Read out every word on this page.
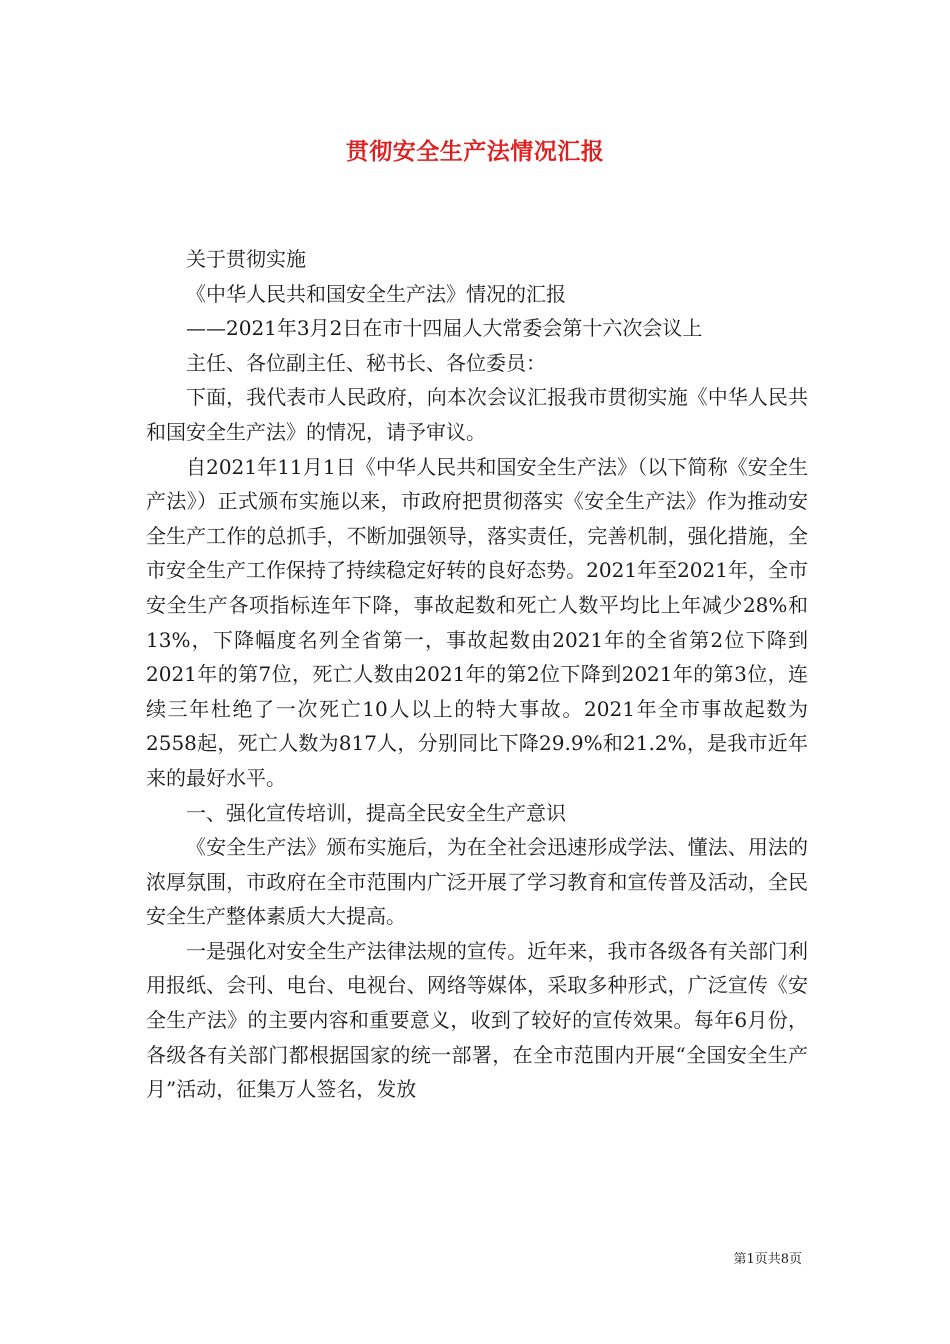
贯彻安全生产法情况汇报

关于贯彻实施

《中华人民共和国安全生产法》情况的汇报

——2021年3月2日在市十四届人大常委会第十六次会议上

主任、各位副主任、秘书长、各位委员：

下面，我代表市人民政府，向本次会议汇报我市贯彻实施《中华人民共和国安全生产法》的情况，请予审议。

自2021年11月1日《中华人民共和国安全生产法》（以下简称《安全生产法》）正式颁布实施以来，市政府把贯彻落实《安全生产法》作为推动安全生产工作的总抓手，不断加强领导，落实责任，完善机制，强化措施，全市安全生产工作保持了持续稳定好转的良好态势。2021年至2021年，全市安全生产各项指标连年下降，事故起数和死亡人数平均比上年减少28%和13%，下降幅度名列全省第一，事故起数由2021年的全省第2位下降到2021年的第7位，死亡人数由2021年的第2位下降到2021年的第3位，连续三年杜绝了一次死亡10人以上的特大事故。2021年全市事故起数为2558起，死亡人数为817人，分别同比下降29.9%和21.2%，是我市近年来的最好水平。

一、强化宣传培训，提高全民安全生产意识

《安全生产法》颁布实施后，为在全社会迅速形成学法、懂法、用法的浓厚氛围，市政府在全市范围内广泛开展了学习教育和宣传普及活动，全民安全生产整体素质大大提高。

一是强化对安全生产法律法规的宣传。近年来，我市各级各有关部门利用报纸、会刊、电台、电视台、网络等媒体，采取多种形式，广泛宣传《安全生产法》的主要内容和重要意义，收到了较好的宣传效果。每年6月份，各级各有关部门都根据国家的统一部署，在全市范围内开展“全国安全生产月”活动，征集万人签名，发放

第1页共8页
